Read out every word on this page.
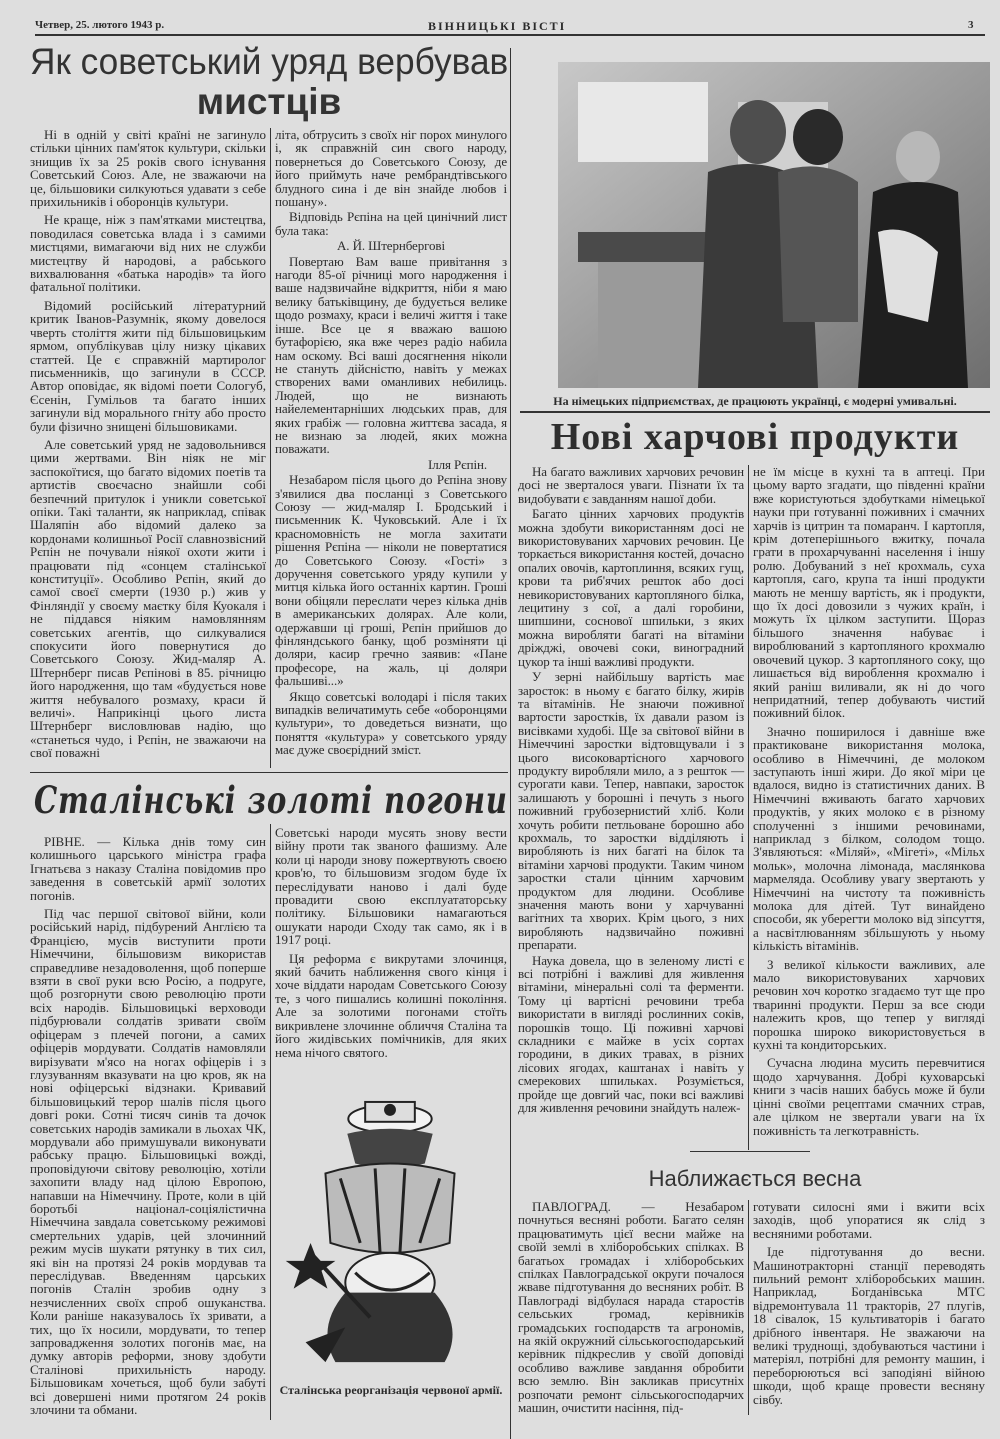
Четвер, 25. лютого 1943 р.	ВІННИЦЬКІ ВІСТІ	3
Як советський уряд вербував
мистців

Ні в одній у світі країні не загинуло стільки цінних пам'яток культури, скільки знищив їх за 25 років свого існування Советський Союз. Але, не зважаючи на це, більшовики силкуються удавати з себе прихильників і оборонців культури.

Не краще, ніж з пам'ятками мистецтва, поводилася советська влада і з самими мистцями, вимагаючи від них не служби мистецтву й народові, а рабського вихвалювання «батька народів» та його фатальної політики.

Відомий російський літературний критик Іванов-Разумнік, якому довелося чверть століття жити під більшовицьким ярмом, опублікував цілу низку цікавих статтей. Це є справжній мартиролог письменників, що загинули в СССР. Автор оповідає, як відомі поети Сологуб, Єсенін, Гумільов та багато інших загинули від морального гніту або просто були фізично знищені більшовиками.

Але советський уряд не задовольнився цими жертвами. Він ніяк не міг заспокоїтися, що багато відомих поетів та артистів своєчасно знайшли собі безпечний притулок і уникли советської опіки. Такі таланти, як наприклад, співак Шаляпін або відомий далеко за кордонами колишньої Росії славнозвісний Рєпін не почували ніякої охоти жити і працювати під «сонцем сталінської конституції». Особливо Рєпін, який до самої своєї смерти (1930 р.) жив у Фінляндії у своєму маєтку біля Куокаля і не піддався ніяким намовлянням советських агентів, що силкувалися спокусити його повернутися до Советського Союзу. Жид-маляр А. Штернберг писав Рєпінові в 85. річницю його народження, що там «будується нове життя небувалого розмаху, краси й величі». Наприкінці цього листа Штернберг висловлював надію, що «станеться чудо, і Рєпін, не зважаючи на свої поважні

літа, обтрусить з своїх ніг порох минулого і, як справжній син свого народу, повернеться до Советського Союзу, де його приймуть наче рембрандтівського блудного сина і де він знайде любов і пошану».

Відповідь Рєпіна на цей цинічний лист була така:

А. Й. Штернбергові

Повертаю Вам ваше привітання з нагоди 85-ої річниці мого народження і ваше надзвичайне відкриття, ніби я маю велику батьківщину, де будується велике щодо розмаху, краси і величі життя і таке інше. Все це я вважаю вашою бутафорією, яка вже через радіо набила нам оскому. Всі ваші досягнення ніколи не стануть дійсністю, навіть у межах створених вами оманливих небилиць. Людей, що не визнають найелементарніших людських прав, для яких грабіж — головна життєва засада, я не визнаю за людей, яких можна поважати.

Ілля Рєпін.

Незабаром після цього до Рєпіна знову з'явилися два посланці з Советського Союзу — жид-маляр І. Бродський і письменник К. Чуковський. Але і їх красномовність не могла захитати рішення Рєпіна — ніколи не повертатися до Советського Союзу. «Гості» з доручення советського уряду купили у митця кілька його останніх картин. Гроші вони обіцяли переслати через кілька днів в американських долярах. Але коли, одержавши ці гроші, Рєпін прийшов до фінляндського банку, щоб розміняти ці доляри, касир гречно заявив: «Пане професоре, на жаль, ці доляри фальшиві...»

Якщо советські володарі і після таких випадків величатимуть себе «оборонцями культури», то доведеться визнати, що поняття «культура» у советського уряду має дуже своєрідний зміст.

Сталінські золоті погони

РІВНЕ. — Кілька днів тому син колишнього царського міністра графа Ігнатьєва з наказу Сталіна повідомив про заведення в советській армії золотих погонів.

Під час першої світової війни, коли російський нарід, підбурений Англією та Францією, мусів виступити проти Німеччини, більшовизм використав справедливе незадоволення, щоб поперше взяти в свої руки всю Росію, а подруге, щоб розгорнути свою революцію проти всіх народів. Більшовицькі верховоди підбурювали солдатів зривати своїм офіцерам з плечей погони, а самих офіцерів мордувати. Солдатів намовляли вирізувати м'ясо на ногах офіцерів і з глузуванням вказувати на цю кров, як на нові офіцерські відзнаки. Кривавий більшовицький терор шалів після цього довгі роки. Сотні тисяч синів та дочок советських народів замикали в льохах ЧК, мордували або примушували виконувати рабську працю. Більшовицькі вожді, проповідуючи світову революцію, хотіли захопити владу над цілою Европою, напавши на Німеччину. Проте, коли в цій боротьбі націонал-соціялістична Німеччина завдала советському режимові смертельних ударів, цей злочинний режим мусів шукати рятунку в тих сил, які він на протязі 24 років мордував та переслідував. Введенням царських погонів Сталін зробив одну з незчисленних своїх спроб ошуканства. Коли раніше наказувалось їх зривати, а тих, що їх носили, мордувати, то тепер запровадження золотих погонів має, на думку авторів реформи, знову здобути Сталінові прихильність народу. Більшовикам хочеться, щоб були забуті всі довершені ними протягом 24 років злочини та обмани.

Советські народи мусять знову вести війну проти так званого фашизму. Але коли ці народи знову пожертвують своєю кров'ю, то більшовизм згодом буде їх переслідувати наново і далі буде провадити свою експлуататорську політику. Більшовики намагаються ошукати народи Сходу так само, як і в 1917 році.

Ця реформа є викрутами злочинця, який бачить наближення свого кінця і хоче віддати народам Советського Союзу те, з чого пишались колишні покоління. Але за золотими погонами стоїть викривлене злочинне обличчя Сталіна та його жидівських помічників, для яких нема нічого святого.

Сталінська реорганізація червоної армії.
На німецьких підприємствах, де працюють українці, є модерні умивальні.
Нові харчові продукти

На багато важливих харчових речовин досі не зверталося уваги. Пізнати їх та видобувати є завданням нашої доби.

Багато цінних харчових продуктів можна здобути використанням досі не використовуваних харчових речовин. Це торкається використання костей, дочасно опалих овочів, картоплиння, всяких гущ, крови та риб'ячих решток або досі невикористовуваних картопляного білка, лецитину з сої, а далі горобини, шипшини, соснової шпильки, з яких можна виробляти багаті на вітаміни дріжджі, овочеві соки, виноградний цукор та інші важливі продукти.

У зерні найбільшу вартість має заросток: в ньому є багато білку, жирів та вітамінів. Не знаючи поживної вартости заростків, їх давали разом із висівками худобі. Ще за світової війни в Німеччині заростки відтовщували і з цього високовартісного харчового продукту виробляли мило, а з решток —сурогати кави. Тепер, навпаки, заросток залишають у борошні і печуть з нього поживний грубозернистий хліб. Коли хочуть робити петльоване борошно або крохмаль, то заростки відділяють і виробляють із них багаті на білок та вітаміни харчові продукти. Таким чином заростки стали цінним харчовим продуктом для людини. Особливе значення мають вони у харчуванні вагітних та хворих. Крім цього, з них виробляють надзвичайно поживні препарати.

Наука довела, що в зеленому листі є всі потрібні і важливі для живлення вітаміни, мінеральні солі та ферменти. Тому ці вартісні речовини треба використати в вигляді рослинних соків, порошків тощо. Ці поживні харчові складники є майже в усіх сортах городини, в диких травах, в різних лісових ягодах, каштанах і навіть у смерекових шпильках. Розуміється, пройде ще довгий час, поки всі важливі для живлення речовини знайдуть належ-

не їм місце в кухні та в аптеці. При цьому варто згадати, що південні країни вже користуються здобутками німецької науки при готуванні поживних і смачних харчів із цитрин та помаранч. І картопля, крім дотеперішнього вжитку, почала грати в прохарчуванні населення і іншу ролю. Добуваний з неї крохмаль, суха картопля, саго, крупа та інші продукти мають не меншу вартість, як і продукти, що їх досі довозили з чужих країн, і можуть їх цілком заступити. Щораз більшого значення набуває і вироблюваний з картопляного крохмалю овочевий цукор. З картопляного соку, що лишається від вироблення крохмалю і який раніш виливали, як ні до чого непридатний, тепер добувають чистий поживний білок.

Значно поширилося і давніше вже практиковане використання молока, особливо в Німеччині, де молоком заступають інші жири. До якої міри це вдалося, видно із статистичних даних. В Німеччині вживають багато харчових продуктів, у яких молоко є в різному сполученні з іншими речовинами, наприклад з білком, солодом тощо. З'являються: «Міляй», «Мігеті», «Мільх мольк», молочна лімонада, маслянкова мармеляда. Особливу увагу звертають у Німеччині на чистоту та поживність молока для дітей. Тут винайдено способи, як уберегти молоко від зіпсуття, а насвітлюванням збільшують у ньому кількість вітамінів.

З великої кількости важливих, але мало використовуваних харчових речовин хоч коротко згадаємо тут ще про тваринні продукти. Перш за все сюди належить кров, що тепер у вигляді порошка широко використовується в кухні та кондиторських.

Сучасна людина мусить перевчитися щодо харчування. Добрі куховарські книги з часів наших бабусь може й були цінні своїми рецептами смачних страв, але цілком не звертали уваги на їх поживність та легкотравність.

Наближається весна

ПАВЛОГРАД. — Незабаром почнуться весняні роботи. Багато селян працюватимуть цієї весни майже на своїй землі в хліборобських спілках. В багатьох громадах і хліборобських спілках Павлоградської округи почалося жваве підготування до весняних робіт. В Павлограді відбулася нарада старостів сельських громад, керівників громадських господарств та агрономів, на якій окружний сільськогосподарський керівник підкреслив у своїй доповіді особливо важливе завдання обробити всю землю. Він закликав присутніх розпочати ремонт сільськогосподарчих машин, очистити насіння, під-

готувати силосні ями і вжити всіх заходів, щоб упоратися як слід з весняними роботами.

Іде підготування до весни. Машинотракторні станції переводять пильний ремонт хліборобських машин. Наприклад, Богданівська МТС відремонтувала 11 тракторів, 27 плугів, 18 сівалок, 15 культиваторів і багато дрібного інвентаря. Не зважаючи на великі труднощі, здобуваються частини і матеріял, потрібні для ремонту машин, і переборюються всі заподіяні війною шкоди, щоб краще провести весняну сівбу.
